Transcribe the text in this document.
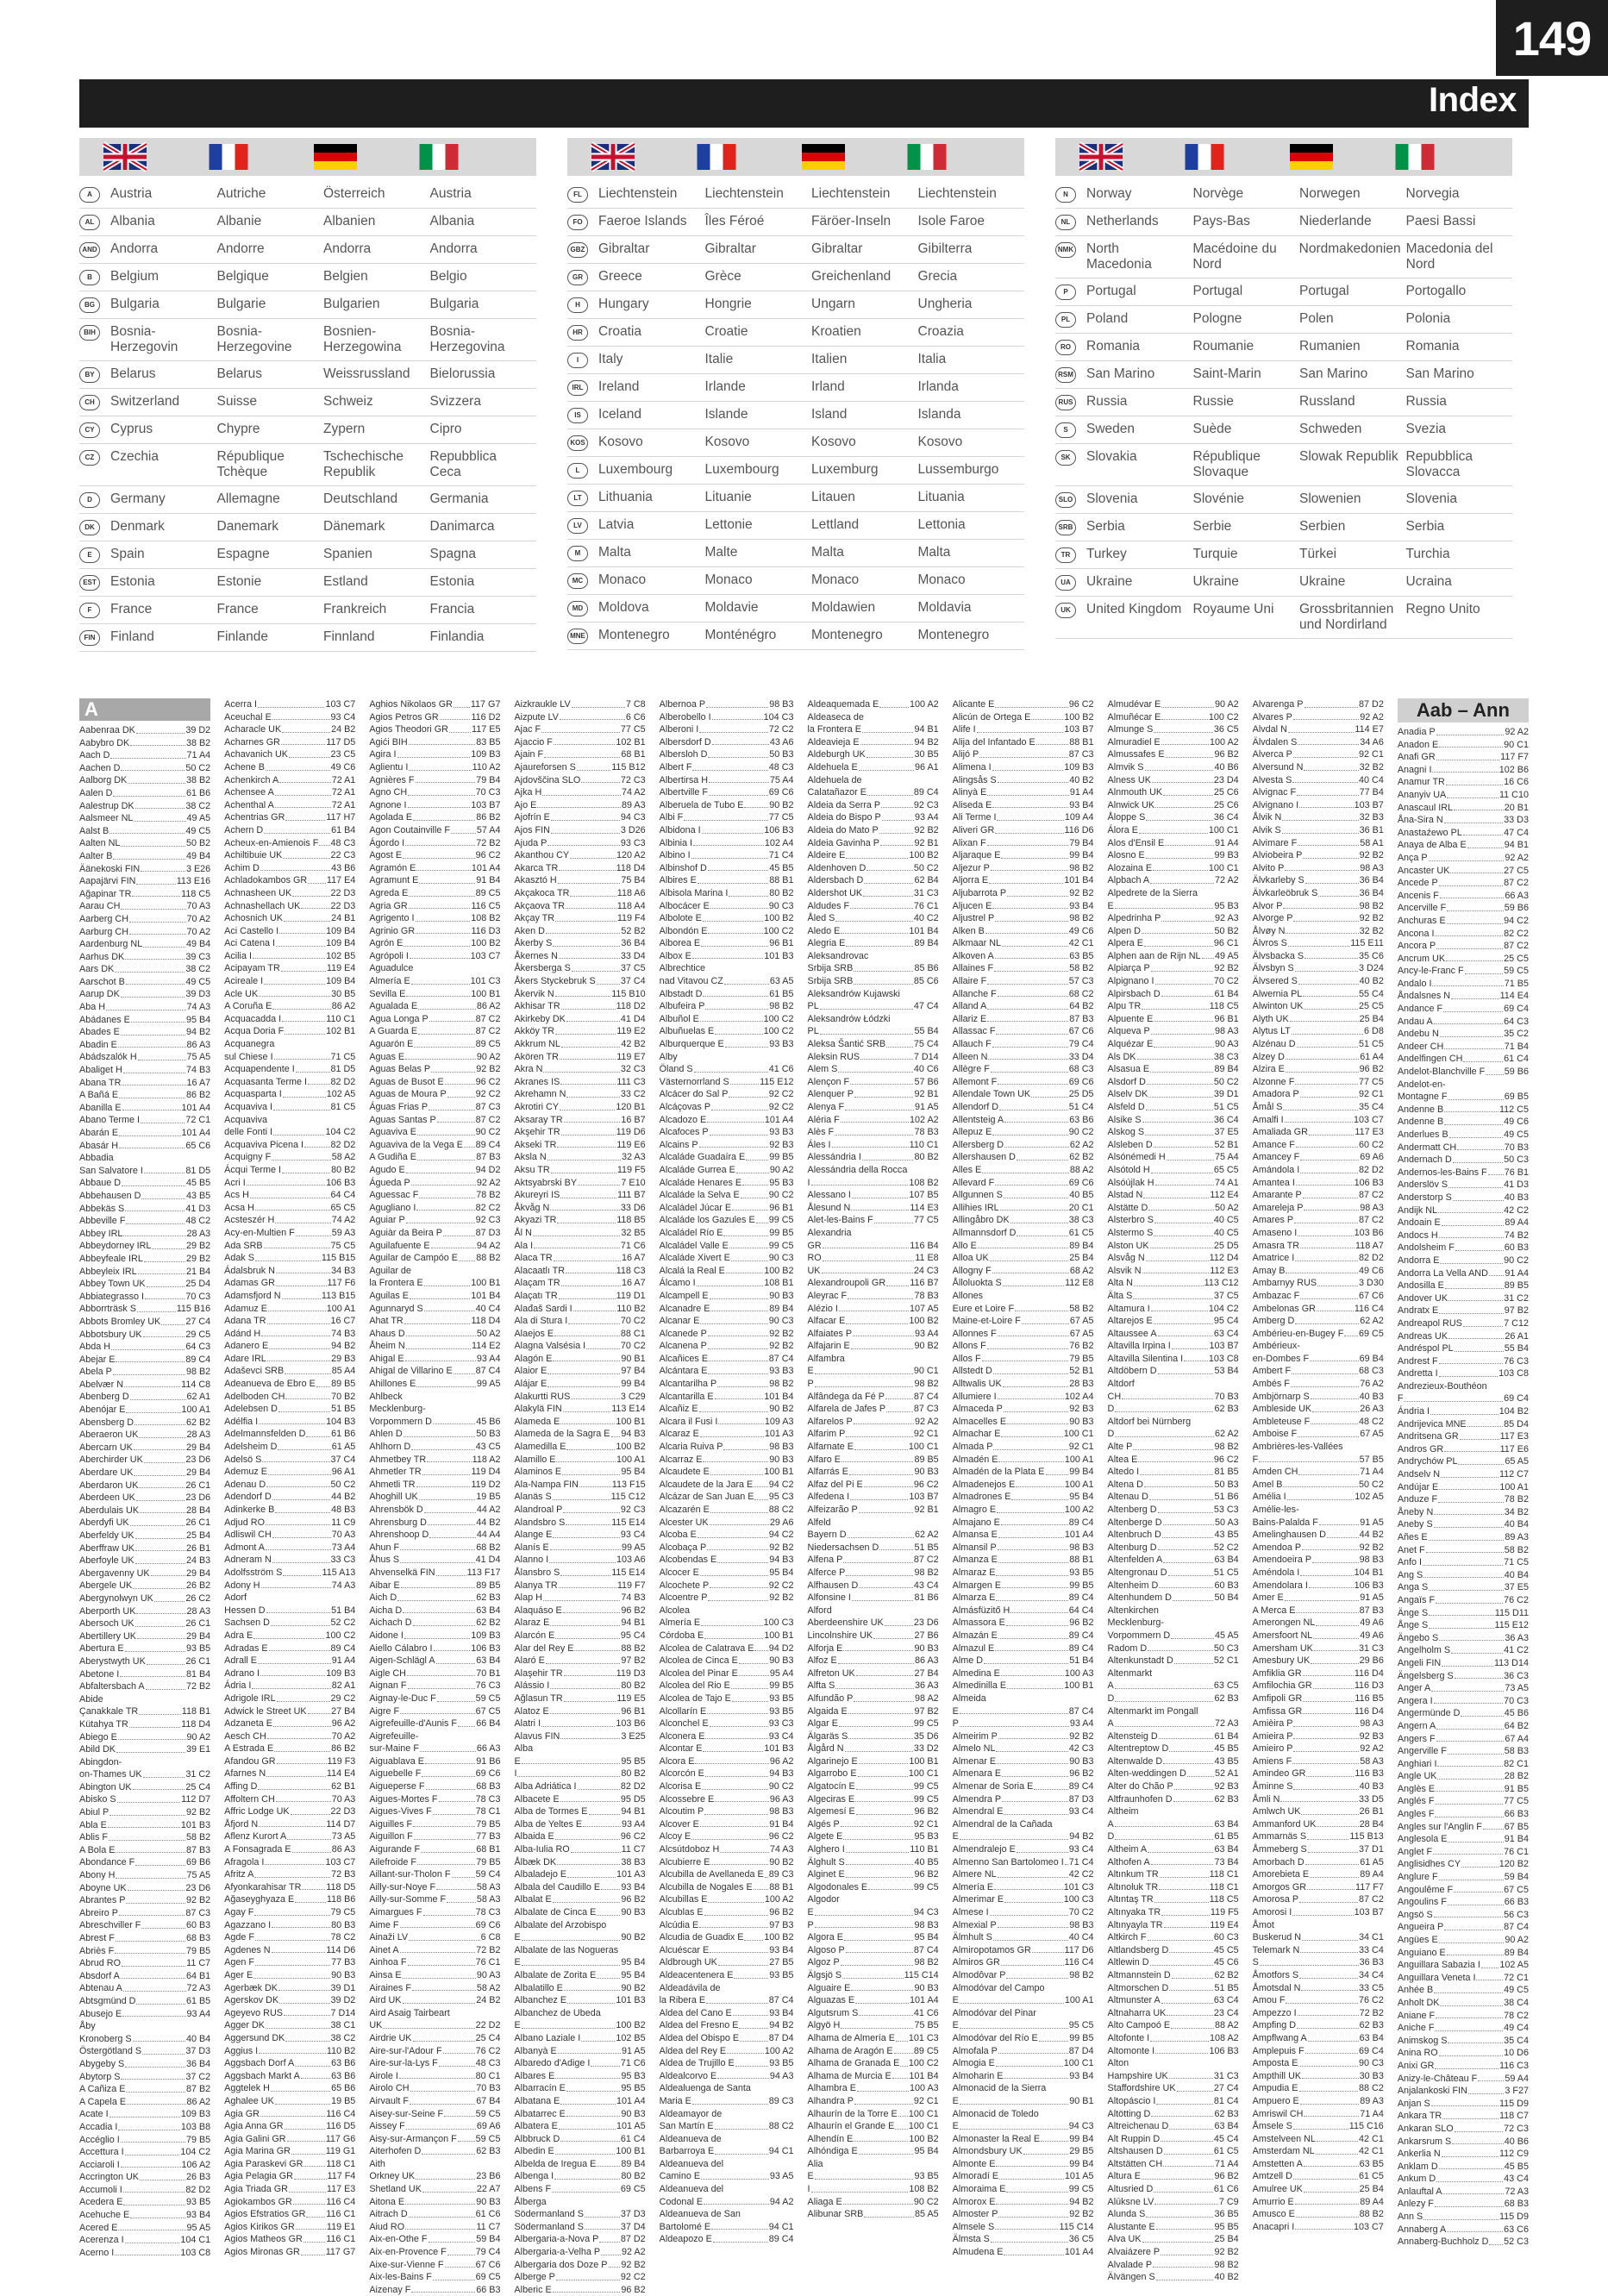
149
Index
A	Austria	Autriche	Österreich	Austria
AL	Albania	Albanie	Albanien	Albania
AND Andorra	Andorre	Andorra	Andorra
B	Belgium	Belgique	Belgien	Belgio
BG	Bulgaria	Bulgarie	Bulgarien	Bulgaria
BIH	Bosnia-Herzegovin
Bosnia-Herzegovine
Bosnien-Herzegowina
Bosnia-Herzegovina
BY	Belarus	Belarus	Weissrussland	Bielorussia
CH	Switzerland	Suisse	Schweiz	Svizzera
CY	Cyprus	Chypre	Zypern	Cipro
CZ	Czechia	République Tchèque
Tschechische Republik
Repubblica Ceca
D	Germany	Allemagne	Deutschland	Germania
DK	Denmark	Danemark	Dänemark	Danimarca
E	Spain	Espagne	Spanien	Spagna
EST Estonia	Estonie	Estland	Estonia
F	France	France	Frankreich	Francia
FIN	Finland	Finlande	Finnland	Finlandia
FL	Liechtenstein	Liechtenstein	Liechtenstein	Liechtenstein
FO	Faeroe Islands	Îles Féroé	Färöer-Inseln	Isole Faroe
GBZ Gibraltar	Gibraltar	Gibraltar	Gibilterra
GR	Greece	Grèce	Greichenland	Grecia
H	Hungary	Hongrie	Ungarn	Ungheria
HR	Croatia	Croatie	Kroatien	Croazia
I	Italy	Italie	Italien	Italia
IRL	Ireland	Irlande	Irland	Irlanda
IS	Iceland	Islande	Island	Islanda
KOS Kosovo	Kosovo	Kosovo	Kosovo
L	Luxembourg	Luxembourg	Luxemburg	Lussemburgo
LT	Lithuania	Lituanie	Litauen	Lituania
LV	Latvia	Lettonie	Lettland	Lettonia
M	Malta	Malte	Malta	Malta
MC	Monaco	Monaco	Monaco	Monaco
MD	Moldova	Moldavie	Moldawien	Moldavia
MNE Montenegro	Monténégro	Montenegro	Montenegro
N	Norway	Norvège	Norwegen	Norvegia
NL	Netherlands	Pays-Bas	Niederlande	Paesi Bassi
NMK North Macedonia
Macédoine du Nord
Nordmakedonien Macedonia del Nord
P	Portugal	Portugal	Portugal	Portogallo
PL	Poland	Pologne	Polen	Polonia
RO	Romania	Roumanie	Rumanien	Romania
RSM San Marino	Saint-Marin	San Marino	San Marino
RUS Russia	Russie	Russland	Russia
S	Sweden	Suède	Schweden	Svezia
SK	Slovakia	République Slovaque
Slowak Republik Repubblica Slovacca
SLO Slovenia	Slovénie	Slowenien	Slovenia
SRB Serbia	Serbie	Serbien	Serbia
TR	Turkey	Turquie	Türkei	Turchia
UA	Ukraine	Ukraine	Ukraine	Ucraina
UK	United Kingdom Royaume Uni	Grossbritannien und Nordirland
Regno Unito
A
Aabenraa DK	39 D2
Aabybro DK	38 B2
Aach D	71 A4
Aachen D	50 C2
Aalborg DK	38 B2
Aalen D	61 B6
Aalestrup DK	38 C2
Aalsmeer NL	49 A5
Aalst B	49 C5
Aalten NL	50 B2
Aalter B	49 B4
Äänekoski FIN	3 E26
Aapajärvi FIN	113 E16
Ağapinar TR	118 C5
Aarau CH	70 A3
Aarberg CH	70 A2
Aarburg CH	70 A2
Aardenburg NL	49 B4
Aarhus DK	39 C3
Aars DK	38 C2
Aarschot B	49 C5
Aarup DK	39 D3
Aba H	74 A3
Abádanes E	95 B4
Abades E	94 B2
Abadin E	86 A3
Abádszalók H	75 A5
Abaliget H	74 B3
Abana TR	16 A7
A Bañá E	86 B2
Abanilla E	101 A4
Abano Terme I	72 C1
Abarán E	101 A4
Abasár H	65 C6
Abbadia
San Salvatore I	81 D5
Abbaue D	45 B5
Abbehausen D	43 B5
Abbekäs S	41 D3
Abbeville F	48 C2
Abbey IRL	28 A3
Abbeydorney IRL	29 B2
Abbeyfeale IRL	29 B2
Abbeyleix IRL	21 B4
Abbey Town UK	25 D4
Abbiategrasso I	70 C3
Abborrträsk S	115 B16
Abbots Bromley UK	27 C4
Abbotsbury UK	29 C5
Abda H	64 C3
Abejar E	89 C4
Abela P	98 B2
Abelvær N	114 C8
Abenberg D	62 A1
Abenójar E	100 A1
Abensberg D	62 B2
Aberaeron UK	28 A3
Abercarn UK	29 B4
Aberchirder UK	23 D6
Aberdare UK	29 B4
Aberdaron UK	26 C1
Aberdeen UK	23 D6
Aberdulais UK	28 B4
Aberdyfi UK	26 C1
Aberfeldy UK	25 B4
Aberffraw UK	26 B1
Aberfoyle UK	24 B3
Abergavenny UK	29 B4
Abergele UK	26 B2
Abergynolwyn UK	26 C2
Aberporth UK	28 A3
Abersoch UK	26 C1
Abertillery UK	29 B4
Abertura E	93 B5
Aberystwyth UK	26 C1
Abetone I	81 B4
Abfaltersbach A	72 B2
Abide
Çanakkale TR	118 B1
Kütahya TR	118 D4
Abiego E	90 A2
Abild DK	39 E1
Abingdon-
on-Thames UK	31 C2
Abington UK	25 C4
Abisko S	112 D7
Abiul P	92 B2
Abla E	101 B3
Ablis F	58 B2
A Bola E	87 B3
Abondance F	69 B6
Abony H	75 A5
Aboyne UK	23 D6
Abrantes P	92 B2
Abreiro P	87 C3
Abreschviller F	60 B3
Abrest F	68 B3
Abriès F	79 B5
Abrud RO	11 C7
Absdorf A	64 B1
Abtenau A	72 A3
Abtsgmünd D	61 B5
Abusejo E	93 A4
Åby
Kronoberg S	40 B4
Östergötland S	37 D3
Abygeby S	36 B4
Abytorp S	37 C2
A Cañiza E	87 B2
A Capela E	86 A2
Acate I	109 B3
Accadia I	103 B8
Accéglio I	79 B5
Accettura I	104 C2
Acciaroli I	106 A2
Accrington UK	26 B3
Accumoli I	82 D2
Acedera E	93 B5
Acehuche E	93 B4
Acered E	95 A5
Acerenza I	104 C1
Acerno I	103 C8
Acerra I	103 C7
Aceuchal E	93 C4
Acharacle UK	24 B2
Acharnes GR	117 D5
Achavanich UK	23 C5
Achene B	49 C6
Achenkirch A	72 A1
Achensee A	72 A1
Achenthal A	72 A1
Achentrias GR	117 H7
Achern D	61 B4
Acheux-en-Amienois F 48 C3
Achiltibuie UK	22 C3
Achim D	43 B6
Achladokambos GR 117 E4
Achnasheen UK	22 D3
Achnashellach UK	22 D3
Achosnich UK	24 B1
Aci Castello I	109 B4
Aci Catena I	109 B4
Acilia I	102 B5
Acipayam TR	119 E4
Acireale I	109 B4
Acle UK	30 B5
A Coruña E	86 A2
Acquacadda I	110 C1
Acqua Doria F	102 B1
Acquanegra
sul Chiese I	71 C5
Acquapendente I	81 D5
Acquasanta Terme I	82 D2
Acquasparta I	102 A5
Acquaviva I	81 C5
Acquaviva
delle Fonti I	104 C2
Acquaviva Picena I	82 D2
Acquigny F	58 A2
Ácqui Terme I	80 B2
Acri I	106 B3
Acs H	64 C4
Acsa H	65 C5
Acsteszér H	74 A2
Acy-en-Multien F	59 A3
Ada SRB	75 C5
Adak S	115 B15
Ádalsbruk N	34 B3
Adamas GR	117 F6
Adamsfjord N	113 B15
Adamuz E	100 A1
Adana TR	16 C7
Adánd H	74 B3
Adanero E	94 B2
Adare IRL	29 B3
Adaševci SRB	85 A4
Adeanueva de Ebro E 89 B5
Adelboden CH	70 B2
Adelebsen D	51 B5
Adélfia I	104 B3
Adelmannsfelden D	61 B6
Adelsheim D	61 A5
Adelsö S	37 C4
Ademuz E	96 A1
Adenau D	50 C2
Adendorf D	44 B2
Adinkerke B	48 B3
Adjud RO	11 C9
Adliswil CH	70 A3
Admont A	73 A4
Adneram N	33 C3
Adolfsström S	115 A13
Adony H	74 A3
Adorf
Hessen D	51 B4
Sachsen D	52 C2
Adra E	100 C2
Adradas E	89 C4
Adrall E	91 A4
Adrano I	109 B3
Ádria I	82 A1
Adrigole IRL	29 C2
Adwick le Street UK	27 B4
Adzaneta E	96 A2
Aesch CH	70 A2
A Estrada E	86 B2
Afandou GR	119 F3
Afarnes N	114 E4
Affing D	62 B1
Affoltern CH	70 A3
Affric Lodge UK	22 D3
Åfjord N	114 D7
Aflenz Kurort A	73 A5
A Fonsagrada E	86 A3
Afragola I	103 C7
Afritz A	72 B3
Afyonkarahisar TR	118 D5
Ağaseyghyaza E	118 B6
Agay F	79 C5
Agazzano I	80 B3
Agde F	78 C2
Agdenes N	114 D6
Agen F	77 B3
Ager E	90 B3
Agerbæk DK	39 D1
Agerskov DK	39 D2
Ageyevo RUS	7 D14
Agger DK	38 C1
Aggersund DK	38 C2
Aggius I	110 B2
Aggsbach Dorf A	63 B6
Aggsbach Markt A	63 B6
Aggtelek H	65 B6
Aghalee UK	19 B5
Agia GR	116 C4
Agia Anna GR	116 D5
Agia Galini GR	117 G6
Agia Marina GR	119 G1
Agia Paraskevi GR 118 C1
Agia Pelagia GR	117 F4
Agia Triada GR	117 E3
Agiokambos GR	116 C4
Agios Efstratios GR 116 C1
Agios Kirikos GR	119 E1
Agios Matheos GR	116 C1
Agios Mironas GR	117 G7
Aghios Nikolaos GR 117 G7
Agios Petros GR	116 D2
Agios Theodori GR	117 E5
Agići BIH	83 B5
Agira I	109 B3
Aglientu I	110 A2
Agnières F	79 B4
Agno CH	70 C3
Agnone I	103 B7
Agolada E	86 B2
Agon Coutainville F	57 A4
Ágordo I	72 B2
Agost E	96 C2
Agramón E	101 A4
Agramunt E	91 B4
Agreda E	89 C5
Agria GR	116 C5
Agrigento I	108 B2
Agrinio GR	116 D3
Agrón E	100 B2
Agrópoli I	103 C7
Aguadulce
Almería E	101 C3
Sevilla E	100 B1
Agualada E	86 A2
Agua Longa P	87 C2
A Guarda E	87 C2
Aguarón E	89 C5
Aguas E	90 A2
Aguas Belas P	92 B2
Aguas de Busot E	96 C2
Aguas de Moura P	92 C2
Águas Frias P	87 C3
Aguas Santas P	87 C2
Aguaviva E	90 C2
Aguaviva de la Vega E 89 C4
A Gudiña E	87 B3
Agudo E	94 D2
Águeda P	92 A2
Aguessac F	78 B2
Agugliano I	82 C2
Aguiar P	92 C3
Aguiàr da Beira P	87 D3
Aguilafuente E	94 A2
Aguilar de Campóo E 88 B2
Aguilar de
la Frontera E	100 B1
Aguilas E	101 B4
Agunnaryd S	40 C4
Ahat TR	118 D4
Ahaus D	50 A2
Åheim N	114 E2
Ahigal E	93 A4
Ahigal de Villarino E 87 C4
Ahillones E	99 A5
Ahlbeck
Mecklenburg-
Vorpommern D	45 B6
Ahlen D	50 B3
Ahlhorn D	43 C5
Ahmetbey TR	118 A2
Ahmetler TR	119 D4
Ahmetli TR	119 D2
Ahoghill UK	19 B5
Ahrensbök D	44 A2
Ahrensburg D	44 B2
Ahrenshoop D	44 A4
Ahun F	68 B2
Åhus S	41 D4
Ahvenselkä FIN	113 F17
Aibar E	89 B5
Aich D	62 B3
Aicha D	63 B4
Aichach D	62 B2
Aidone I	109 B3
Aiello Cálabro I	106 B3
Aigen-Schlägl A	63 B4
Aigle CH	70 B1
Aignan F	76 C3
Aignay-le-Duc F	59 C5
Aigre F	67 C5
Aigrefeuille-d'Aunis F 66 B4
Aigrefeuille-
sur-Maine F	66 A3
Aiguablava E	91 B6
Aiguebelle F	69 C6
Aigueperse F	68 B3
Aigues-Mortes F	78 C3
Aigues-Vives F	78 C1
Aiguilles F	79 B5
Aiguillon F	77 B3
Aigurande F	68 B1
Ailefroide F	79 B5
Aillant-sur-Tholon F	59 C4
Ailly-sur-Noye F	58 A3
Ailly-sur-Somme F	58 A3
Aimargues F	78 C3
Aime F	69 C6
Ainaži LV	6 C8
Ainet A	72 B2
Ainhoa F	76 C1
Ainsa E	90 A3
Airaines F	58 A2
Aird UK	24 B2
Aird Asaig Tairbeart
UK	22 D2
Airdrie UK	25 C4
Aire-sur-l'Adour F	76 C2
Aire-sur-la-Lys F	48 C3
Airole I	80 C1
Airolo CH	70 B3
Airvault F	67 B4
Aisey-sur-Seine F	59 C5
Aissey F	69 A6
Aisy-sur-Armançon F 59 C5
Aiterhofen D	62 B3
Aith
Orkney UK	23 B6
Shetland UK	22 A7
Aitona E	90 B3
Aitrach D	61 C6
Aiud RO	11 C7
Aix-en-Othe F	59 B4
Aix-en-Provence F	79 C4
Aixe-sur-Vienne F	67 C6
Aix-les-Bains F	69 C5
Aizenay F	66 B3
Aizkraukle LV	7 C8
Aizpute LV	6 C6
Ajac F	77 C5
Ajaccio F	102 B1
Ajain F	68 B1
Ajaureforsen S	115 B12
Ajdovščina SLO	72 C3
Ajka H	74 A2
Ajo E	89 A3
Ajofrín E	94 C3
Ajos FIN	3 D26
Ajuda P	93 C3
Akanthou CY	120 A2
Akarca TR	118 D4
Akasztó H	75 B4
Akçakoca TR	118 A6
Akçaova TR	118 A4
Akçay TR	119 F4
Aken D	52 B2
Åkerby S	36 B4
Åkernes N	33 D4
Åkersberga S	37 C5
Åkers Styckebruk S	37 C4
Åkervik N	115 B10
Akhisar TR	118 D2
Akirkeby DK	41 D4
Akköy TR	119 E2
Akkrum NL	42 B2
Akören TR	119 E7
Akra N	32 C3
Akranes IS	111 C3
Akrehamn N	33 C2
Akrotiri CY	120 B1
Aksaray TR	16 B7
Akşehir TR	119 D6
Akseki TR	119 E6
Aksla N	32 A3
Aksu TR	119 F5
Aktsyabrski BY	7 E10
Akureyri IS	111 B7
Åkvåg N	33 D6
Akyazi TR	118 B5
Ål N	32 B5
Ala I	71 C6
Alaca TR	16 A7
Alacaatlı TR	118 C3
Alaçam TR	16 A7
Alaçatı TR	119 D1
Alađaš Sardi I	110 B2
Ala di Stura I	70 C2
Alaejos E	88 C1
Alagna Valsésia I	70 C2
Alagón E	90 B1
Alaior E	97 B4
Alájar E	99 B4
Alakurtti RUS	3 C29
Alakylä FIN	113 E14
Alameda E	100 B1
Alameda de la Sagra E 94 B3
Alamedilla E	100 B2
Alamillo E	100 A1
Alaminos E	95 B4
Ala-Nampa FIN	113 F15
Alanäs S	115 C12
Alandroal P	92 C3
Alandsbro S	115 E14
Alange E	93 C4
Alanís E	99 A5
Alanno I	103 A6
Ålansbro S	115 E14
Alanya TR	119 F7
Alap H	74 B3
Alaquáso E	96 B2
Alaraz E	94 B1
Alarcón E	95 C4
Alar del Rey E	88 B2
Alaró E	97 B2
Alaşehir TR	119 D3
Alássio I	80 B2
Ağlasun TR	119 E5
Alatoz E	96 B1
Alatri I	103 B6
Alavus FIN	3 E25
Alba
E	95 B5
I	80 B2
Alba Adriática I	82 D2
Albacete E	95 D5
Alba de Tormes E	94 B1
Alba de Yeltes E	93 A4
Albaida E	96 C2
Alba-Iulia RO	11 C7
Ålbæk DK	38 B3
Albaladejo E	101 A3
Albala del Caudillo E 93 B4
Albalat E	96 B2
Albalate de Cinca E	90 B3
Albalate del Arzobispo
E	90 B2
Albalate de las Nogueras
E	95 B4
Albalate de Zorita E	95 B4
Albalatillo E	90 B2
Albanchez E	101 B3
Albanchez de Ubeda
E	100 B2
Albano Laziale I	102 B5
Albanyà E	91 A5
Albaredo d'Adige I	71 C6
Albares E	95 B3
Albarracín E	95 B5
Albatana E	101 A4
Albatarrec E	90 B3
Albatera E	101 A5
Albbruck D	61 C4
Albedin E	100 B1
Albelda de Iregua E	89 B4
Albenga I	80 B2
Albens F	69 C5
Ålberga
Södermanland S	37 D3
Södermanland S	37 D4
Albergaria-a-Nova P 87 D2
Albergaria-a-Velha P 92 A2
Albergaria dos Doze P 92 B2
Alberge P	92 C2
Alberic E	96 B2
Albernoa P	98 B3
Alberobello I	104 C3
Alberoni I	72 C2
Albersdorf D	43 A6
Albersloh D	50 B3
Albert F	48 C3
Albertirsa H	75 A4
Albertville F	69 C6
Alberuela de Tubo E	90 B2
Albi F	77 C5
Albidona I	106 B3
Albinia I	102 A4
Albino I	71 C4
Albinshof D	45 B5
Albires E	88 B1
Albisola Marina I	80 B2
Albocácer E	90 C3
Albolote E	100 B2
Albondón E	100 C2
Alborea E	96 B1
Albox E	101 B3
Albrechtice
nad Vitavou CZ	63 A5
Albstadt D	61 B5
Albufeira P	98 B2
Albuñol E	100 C2
Albuñuelas E	100 C2
Alburquerque E	93 B3
Alby
Öland S	41 C6
Västernorrland S	115 E12
Alcácer do Sal P	92 C2
Alcáçovas P	92 C2
Alcadozo E	101 A4
Alcafoces P	93 B3
Alcains P	92 B3
Alcaláde Guadaíra E	99 B5
Alcaláde Gurrea E	90 A2
Alcaláde Henares E	95 B3
Alcaláde la Selva E	90 C2
Alcaládel Júcar E	96 B1
Alcaláde los Gazules E 99 C5
Alcaládel Río E	99 B5
Alcaládel Valle E	99 C5
Alcaláde Xivert E	90 C3
Alcalá la Real E	100 B2
Álcamo I	108 B1
Alcampell E	90 B3
Alcanadre E	89 B4
Alcanar E	90 C3
Alcanede P	92 B2
Alcanena P	92 B2
Alcañices E	87 C4
Alcántara E	93 B3
Alcantarilha P	98 B2
Alcantarilla E	101 B4
Alcañiz E	90 B2
Alcara il Fusi I	109 A3
Alcaraz E	101 A3
Alcaria Ruiva P	98 B3
Alcarraz E	90 B3
Alcaudete E	100 B1
Alcaudete de la Jara E 94 C2
Alcázar de San Juan E 95 C3
Alcazarén E	88 C2
Alcester UK	29 A6
Alcoba E	94 C2
Alcobaça P	92 B2
Alcobendas E	94 B3
Alcocer E	95 B4
Alcochete P	92 C2
Alcoentre P	92 B2
Alcolea
Almería E	100 C3
Córdoba E	100 B1
Alcolea de Calatrava E 94 D2
Alcolea de Cinca E	90 B3
Alcolea del Pinar E	95 A4
Alcolea del Rio E	99 B5
Alcolea de Tajo E	93 B5
Alcollarín E	93 B5
Alconchel E	93 C3
Alconera E	93 C4
Alcontar E	101 B3
Alcora E	96 A2
Alcorcón E	94 B3
Alcorisa E	90 C2
Alcossebre E	96 A3
Alcoutim P	98 B3
Alcover E	91 B4
Alcoy E	96 C2
Alcsútdoboz H	74 A3
Alcubierre E	90 B2
Alcubilla de Avellaneda E 89 C3
Alcubilla de Nogales E 88 B1
Alcubillas E	100 A2
Alcublas E	96 B2
Alcúdia E	97 B3
Alcudia de Guadix E 100 B2
Alcuéscar E	93 B4
Aldbrough UK	27 B5
Aldeacentenera E	93 B5
Aldeadávila de
la Ribera E	87 C4
Aldea del Cano E	93 B4
Aldea del Fresno E	94 B2
Aldea del Obispo E	87 D4
Aldea del Rey E	100 A2
Aldea de Trujillo E	93 B5
Aldealcorvo E	94 A3
Aldealuenga de Santa
Maria E	89 C3
Aldeamayor de
San Martín E	88 C2
Aldeanueva de
Barbarroya E	94 C1
Aldeanueva del
Camino E	93 A5
Aldeanueva del
Codonal E	94 A2
Aldeanueva de San
Bartolomé E	94 C1
Aldeapozo E	89 C4
Aldeaquemada E	100 A2
Aldeaseca de
la Frontera E	94 B1
Aldeavieja E	94 B2
Aldeburgh UK	30 B5
Aldehuela E	96 A1
Aldehuela de
Calatañazor E	89 C4
Aldeia da Serra P	92 C3
Aldeia do Bispo P	93 A4
Aldeia do Mato P	92 B2
Aldeia Gavinha P	92 B1
Aldeire E	100 B2
Aldenhoven D	50 C2
Aldersbach D	62 B4
Aldershot UK	31 C3
Aldudes F	76 C1
Åled S	40 C2
Aledo E	101 B4
Alegria E	89 B4
Aleksandrovac
Srbija SRB	85 B6
Srbija SRB	85 C6
Aleksandrów Kujawski
PL	47 C4
Aleksandrów Łódzki
PL	55 B4
Aleksa Šantić SRB	75 C4
Aleksin RUS	7 D14
Alem S	40 C6
Alençon F	57 B6
Alenquer P	92 B1
Alenya F	91 A5
Aléria F	102 A2
Alès F	78 B3
Áles I	110 C1
Alessándria I	80 B2
Alessándria della Rocca
I	108 B2
Alessano I	107 B5
Ålesund N	114 E3
Alet-les-Bains F	77 C5
Alexandria
GR	116 B4
RO	11 E8
UK	24 C3
Alexandroupoli GR	116 B7
Aleyrac F	78 B3
Alézio I	107 A5
Alfacar E	100 B2
Alfaiates P	93 A4
Alfajarin E	90 B2
Alfambra
E	90 C1
P	98 B2
Alfândega da Fé P	87 C4
Alfarela de Jafes P	87 C3
Alfarelos P	92 A2
Alfarim P	92 C1
Alfarnate E	100 C1
Alfaro E	89 B5
Alfarrás E	90 B3
Alfaz del Pi E	96 C2
Alfedena I	103 B7
Alfeizarão P	92 B1
Alfeld
Bayern D	62 A2
Niedersachsen D	51 B5
Alfena P	87 C2
Alferce P	98 B2
Alfhausen D	43 C4
Alfonsine I	81 B6
Alford
Aberdeenshire UK	23 D6
Lincolnshire UK	27 B6
Alforja E	90 B3
Alfoz E	86 A3
Alfreton UK	27 B4
Alfta S	36 A3
Alfundão P	98 A2
Algaida E	97 B2
Algar E	99 C5
Älgaräs S	35 D6
Ålgård N	33 D2
Algarinejo E	100 B1
Algarrobo E	100 C1
Algatocín E	99 C5
Algeciras E	99 C5
Algemesí E	96 B2
Algés P	92 C1
Algete E	95 B3
Alghero I	110 B1
Älghult S	40 B5
Alginet E	96 B2
Algodonales E	99 C5
Algodor
E	94 C3
P	98 B3
Algora E	95 B4
Algoso P	87 C4
Algoz P	98 B2
Älgsjö S	115 C14
Alguaire E	90 B3
Alguazas E	101 A4
Algutsrum S	41 C6
Algyö H	75 B5
Alhama de Almería E 101 C3
Alhama de Aragón E 89 C5
Alhama de Granada E 100 C2
Alhama de Murcia E 101 B4
Alhambra E	100 A3
Alhandra P	92 C1
Alhaurín de la Torre E 100 C1
Alhaurín el Grande E 100 C1
Alhendín E	100 B2
Alhóndiga E	95 B4
Alia
E	93 B5
I	108 B2
Aliaga E	90 C2
Alibunar SRB	85 A5
Alicante E	96 C2
Alicún de Ortega E	100 B2
Alife I	103 B7
Alija del Infantado E	88 B1
Alijó P	87 C3
Alimena I	109 B3
Alingsås S	40 B2
Alinyà E	91 A4
Aliseda E	93 B4
Ali Terme I	109 A4
Aliveri GR	116 D6
Alixan F	79 B4
Aljaraque E	99 B4
Aljezur P	98 B2
Aljorra E	101 B4
Aljubarrota P	92 B2
Aljucen E	93 B4
Aljustrel P	98 B2
Alken B	49 C6
Alkmaar NL	42 C1
Alkoven A	63 B5
Allaines F	58 B2
Allaire F	57 C3
Allanche F	68 C2
Alland A	64 B2
Allariz E	87 B3
Allassac F	67 C6
Allauch F	79 C4
Alleen N	33 D4
Allègre F	68 C3
Allemont F	69 C6
Allendale Town UK	25 D5
Allendorf D	51 C4
Allentsteig A	63 B6
Allepuz E	90 C2
Allersberg D	62 A2
Allershausen D	62 B2
Alles E	88 A2
Allevard F	69 C6
Allgunnen S	40 B5
Allihies IRL	20 C1
Allingåbro DK	38 C3
Allmannsdorf D	61 C5
Allo E	89 B4
Alloa UK	25 B4
Allogny F	68 A2
Ålloluokta S	112 E8
Allones
Eure et Loire F	58 B2
Maine-et-Loire F	67 A5
Allonnes F	67 A5
Allons F	76 B2
Allos F	79 B5
Allstedt D	52 B1
Alltwalis UK	28 B3
Allumiere I	102 A4
Almaceda P	92 B3
Almacelles E	90 B3
Almachar E	100 C1
Almada P	92 C1
Almadén E	100 A1
Almadén de la Plata E	99 B4
Almadenejos E	100 A1
Almadrones E	95 B4
Almagro E	100 A2
Almajano E	89 C4
Almansa E	101 A4
Almansil P	98 B3
Almanza E	88 B1
Almaraz E	93 B5
Almargen E	99 B5
Almarza E	89 C4
Almásfüzitő H	64 C4
Almassora E	96 B2
Almazán E	89 C4
Almazul E	89 C4
Alme D	51 B4
Almedina E	100 A3
Almedinilla E	100 B1
Almeida
E	87 C4
P	93 A4
Almeirim P	92 B2
Almelo NL	42 C3
Almenar E	90 B3
Almenara E	96 B2
Almenar de Soria E	89 C4
Almendra P	87 D3
Almendral E	93 C4
Almendral de la Cañada
E	94 B2
Almendralejo E	93 C4
Almenno San Bartolomeo I 71 C4
Almere NL	42 C2
Almería E	101 C3
Almerimar E	100 C3
Almese I	70 C2
Almexial P	98 B3
Älmhult S	40 C4
Almiropotamos GR	117 D6
Almiros GR	116 C4
Almodôvar P	98 B2
Almodóvar del Campo
E	100 A1
Almodóvar del Pinar
E	95 C5
Almodóvar del Río E	99 B5
Almofala P	87 D4
Almogia E	100 C1
Almoharin E	93 B4
Almonacid de la Sierra
E	90 B1
Almonacid de Toledo
E	94 C3
Almonaster la Real E	99 B4
Almondsbury UK	29 B5
Almonte E	99 B4
Almoradí E	101 A5
Almoraima E	99 C5
Almorox E	94 B2
Almoster P	92 B2
Almsele S	115 C14
Älmsta S	36 C5
Almudena E	101 A4
Almudévar E	90 A2
Almuñécar E	100 C2
Almunge S	36 C5
Almuradiel E	100 A2
Almussafes E	96 B2
Almvik S	40 B6
Alness UK	23 D4
Alnmouth UK	25 C6
Alnwick UK	25 C6
Åloppe S	36 C4
Álora E	100 C1
Alos d'Ensil E	91 A4
Alosno E	99 B3
Alozaina E	100 C1
Alpbach A	72 A2
Alpedrete de la Sierra
E	95 B3
Alpedrinha P	92 A3
Alpen D	50 B2
Alpera E	96 C1
Alphen aan de Rijn NL 49 A5
Alpiarça P	92 B2
Alpignano I	70 C2
Alpirsbach D	61 B4
Alpu TR	118 C5
Alpuente E	96 B1
Alqueva P	98 A3
Alquézar E	90 A3
Als DK	38 C3
Alsasua E	89 B4
Alsdorf D	50 C2
Alselv DK	39 D1
Alsfeld D	51 C5
Alsike S	36 C4
Alskog S	37 E5
Alsleben D	52 B1
Alsónémedi H	75 A4
Alsótold H	65 C5
Alsóújlak H	74 A1
Alstad N	112 E4
Alstätte D	50 A2
Alsterbro S	40 C5
Alstermo S	40 C5
Alston UK	25 D5
Alsvåg N	112 D4
Alsvik N	112 E3
Alta N	113 C12
Älta S	37 C5
Altamura I	104 C2
Altarejos E	95 C4
Altaussee A	63 C4
Altavilla Irpina I	103 B7
Altavilla Silentina I	103 C8
Altdöbern D	53 B4
Altdorf
CH	70 B3
D	62 B3
Altdorf bei Nürnberg
D	62 A2
Alte P	98 B2
Altea E	96 C2
Altedo I	81 B5
Altena D	50 B3
Altenau D	51 B6
Altenberg D	53 C3
Altenberge D	50 A3
Altenbruch D	43 B5
Altenburg D	52 C2
Altenfelden A	63 B4
Altengronau D	51 C5
Altenheim D	60 B3
Altenhundem D	50 B4
Altenkirchen
Mecklenburg-
Vorpommern D	45 A5
Radom D	50 C3
Altenkunstadt D	52 C1
Altenmarkt
A	63 C5
D	62 B3
Altenmarkt im Pongall
A	72 A3
Altensteig D	61 B4
Altentreptow D	45 B5
Altenwalde D	43 B5
Alten-weddingen D	52 A1
Alter do Chão P	92 B3
Altfraunhofen D	62 B3
Altheim
A	63 B4
D	61 B5
Altheim A	63 B4
Althofen A	73 B4
Altınkum TR	118 C1
Altınoluk TR	118 C1
Altıntaş TR	118 C5
Altınyaka TR	119 F5
Altınyayla TR	119 E4
Altkirch F	60 C3
Altlandsberg D	45 C5
Altlewin D	45 C6
Altmannstein D	62 B2
Altmorschen D	51 B5
Altmunster A	63 C4
Altnaharra UK	23 C4
Alto Campoó E	88 A2
Altofonte I	108 A2
Altomonte I	106 B3
Alton
Hampshire UK	31 C3
Staffordshire UK	27 C4
Altopáscio I	81 C4
Altötting D	62 B3
Altreichenau D	63 B4
Alt Ruppin D	45 C4
Altshausen D	61 C5
Altstätten CH	71 A4
Altura E	96 B2
Altusried D	61 C6
Alūksne LV	7 C9
Alunda S	36 B5
Alustante E	95 B5
Alva UK	25 B4
Alvaiázere P	92 B2
Alvalade P	98 B2
Älvängen S	40 B2
Alvarenga P	87 D2
Alvares P	92 A2
Alvdal N	114 E7
Älvdalen S	34 A6
Alverca P	92 C1
Alversund N	32 B2
Alvesta S	40 C4
Alvignac F	77 B4
Alvignano I	103 B7
Ålvik N	32 B3
Alvik S	36 B1
Alvimare F	58 A1
Alviobeira P	92 B2
Alvito P	98 A3
Älvkarleby S	36 B4
Älvkarleöbruk S	36 B4
Alvor P	98 B2
Alvorge P	92 B2
Ålvøy N	32 B2
Älvros S	115 E11
Älvsbacka S	35 C6
Älvsbyn S	3 D24
Älvsered S	40 B2
Alwernia PL	55 C4
Alwinton UK	25 C5
Alyth UK	25 B4
Alytus LT	6 D8
Alzénau D	51 C5
Alzey D	61 A4
Alzira E	96 B2
Alzonne F	77 C5
Amadora P	92 C1
Åmål S	35 C4
Amalfi I	103 C7
Amaliada GR	117 E3
Amance F	60 C2
Amancey F	69 A6
Amándola I	82 D2
Amantea I	106 B3
Amarante P	87 C2
Amareleja P	98 A3
Amares P	87 C2
Amaseno I	103 B6
Amasra TR	118 A7
Amatrice I	82 D2
Amay B	49 C6
Ambarnyy RUS	3 D30
Ambazac F	67 C6
Ambelonas GR	116 C4
Amberg D	62 A2
Ambérieu-en-Bugey F 69 C5
Ambérieux-
en-Dombes F	69 B4
Ambert F	68 C3
Ambés F	76 A2
Ambjörnarp S	40 B3
Ambleside UK	26 A3
Ambleteuse F	48 C2
Amboise F	67 A5
Ambrières-les-Vallées
F	57 B5
Amden CH	71 A4
Amel B	50 C2
Amélia I	102 A5
Amélie-les-
Bains-Palalda F	91 A5
Amelinghausen D	44 B2
Amendoa P	92 B2
Amendoeira P	98 B3
Améndola I	104 B1
Amendolara I	106 B3
Amer E	91 A5
A Merca E	87 B3
Amerongen NL	49 A6
Amersfoort NL	49 A6
Amersham UK	31 C3
Amesbury UK	29 B6
Amfiklia GR	116 D4
Amfilochia GR	116 D3
Amfipoli GR	116 B5
Amfissa GR	116 D4
Amièira P	98 A3
Amieira P	92 B3
Amieiro P	92 A2
Amiens F	58 A3
Amindeo GR	116 B3
Åminne S	40 B3
Åmli N	33 D5
Amlwch UK	26 B1
Ammanford UK	28 B4
Ammarnäs S	115 B13
Åmmeberg S	37 D1
Amorbach D	61 A5
Amorebieta E	89 A4
Amorgos GR	117 F7
Amorosa P	87 C2
Amorosi I	103 B7
Åmot
Buskerud N	34 C1
Telemark N	33 C4
S	36 B3
Åmotfors S	34 C4
Åmotsdal N	33 C5
Amou F	76 C2
Ampezzo I	72 B2
Ampfing D	62 B3
Ampflwang A	63 B4
Amplepuis F	69 C4
Amposta E	90 C3
Ampthill UK	30 B3
Ampudia E	88 C2
Ampuero E	89 A3
Amriswil CH	71 A4
Åmsele S	115 C16
Amstelveen NL	42 C1
Amsterdam NL	42 C1
Amstetten A	63 B5
Amtzell D	61 C5
Amulree UK	25 B4
Amurrio E	89 A4
Amusco E	88 B2
Anacapri I	103 C7
Aab – Ann
Anadia P	92 A2
Anadon E	90 C1
Anafi GR	117 F7
Anagni I	102 B6
Anamur TR	16 C6
Ananyiv UA	11 C10
Anascaul IRL	20 B1
Åna-Sira N	33 D3
Anastaźewo PL	47 C4
Anaya de Alba E	94 B1
Ança P	92 A2
Ancaster UK	27 C5
Ancede P	87 C2
Ancenis F	66 A3
Ancerville F	59 B6
Anchuras E	94 C2
Ancona I	82 C2
Ancora P	87 C2
Ancrum UK	25 C5
Ancy-le-Franc F	59 C5
Andalo I	71 B5
Åndalsnes N	114 E4
Andance F	69 C4
Andau A	64 C3
Andebu N	35 C2
Andeer CH	71 B4
Andelfingen CH	61 C4
Andelot-Blanchville F 59 B6
Andelot-en-
Montagne F	69 B5
Andenne B	112 C5
Andenne B	49 C6
Anderlues B	49 C5
Andermatt CH	70 B3
Andernach D	50 C3
Andernos-les-Bains F 76 B1
Anderslöv S	41 D3
Anderstorp S	40 B3
Andijk NL	42 C2
Andoain E	89 A4
Andocs H	74 B2
Andolsheim F	60 B3
Andorra E	90 C2
Andorra La Vella AND 91 A4
Andosilla E	89 B5
Andover UK	31 C2
Andratx E	97 B2
Andreapol RUS	7 C12
Andreas UK	26 A1
Andréspol PL	55 B4
Andrest F	76 C3
Andretta I	103 C8
Andrezieux-Bouthéon
F	69 C4
Ándria I	104 B2
Andrijevica MNE	85 D4
Andritsena GR	117 E3
Andros GR	117 E6
Andrychów PL	65 A5
Andselv N	112 C7
Andújar E	100 A1
Anduze F	78 B2
Åneby N	34 B2
Aneby S	40 B4
Añes E	89 A3
Anet F	58 B2
Anfo I	71 C5
Ang S	40 B4
Anga S	37 E5
Angaïs F	76 C2
Änge S	115 D11
Ånge S	115 E12
Ängebo S	36 A3
Angelholm S	41 C2
Angeli FIN	113 D14
Ängelsberg S	36 C3
Anger A	73 A5
Angera I	70 C3
Angermünde D	45 B6
Angern A	64 B2
Angers F	67 A4
Angerville F	58 B3
Anghiari I	82 C1
Angle UK	28 B2
Anglès E	91 B5
Anglés F	77 C5
Angles F	66 B3
Angles sur l'Anglin F 67 B5
Anglesola E	91 B4
Anglet F	76 C1
Anglisidhes CY	120 B2
Anglure F	59 B4
Angoulême F	67 C5
Angoulins F	66 B3
Angsö S	56 C3
Angueira P	87 C4
Angües E	90 A2
Anguiano E	89 B4
Anguillara Sabazia I 102 A5
Anguillara Veneta I	72 C1
Anhée B	49 C5
Anholt DK	38 C4
Aniane F	78 C2
Aniche F	49 C4
Animskog S	35 C4
Anina RO	10 D6
Anixi GR	116 C3
Anizy-le-Château F	59 A4
Anjalankoski FIN	3 F27
Anjan S	115 D9
Ankara TR	118 C7
Ankaran SLO	72 C3
Ankarsrum S	40 B6
Ankerlia N	112 C9
Anklam D	45 B5
Ankum D	43 C4
Anlauftal A	72 A3
Anlezy F	68 B3
Ann S	115 D9
Annaberg A	63 C6
Annaberg-Buchholz D 52 C3
